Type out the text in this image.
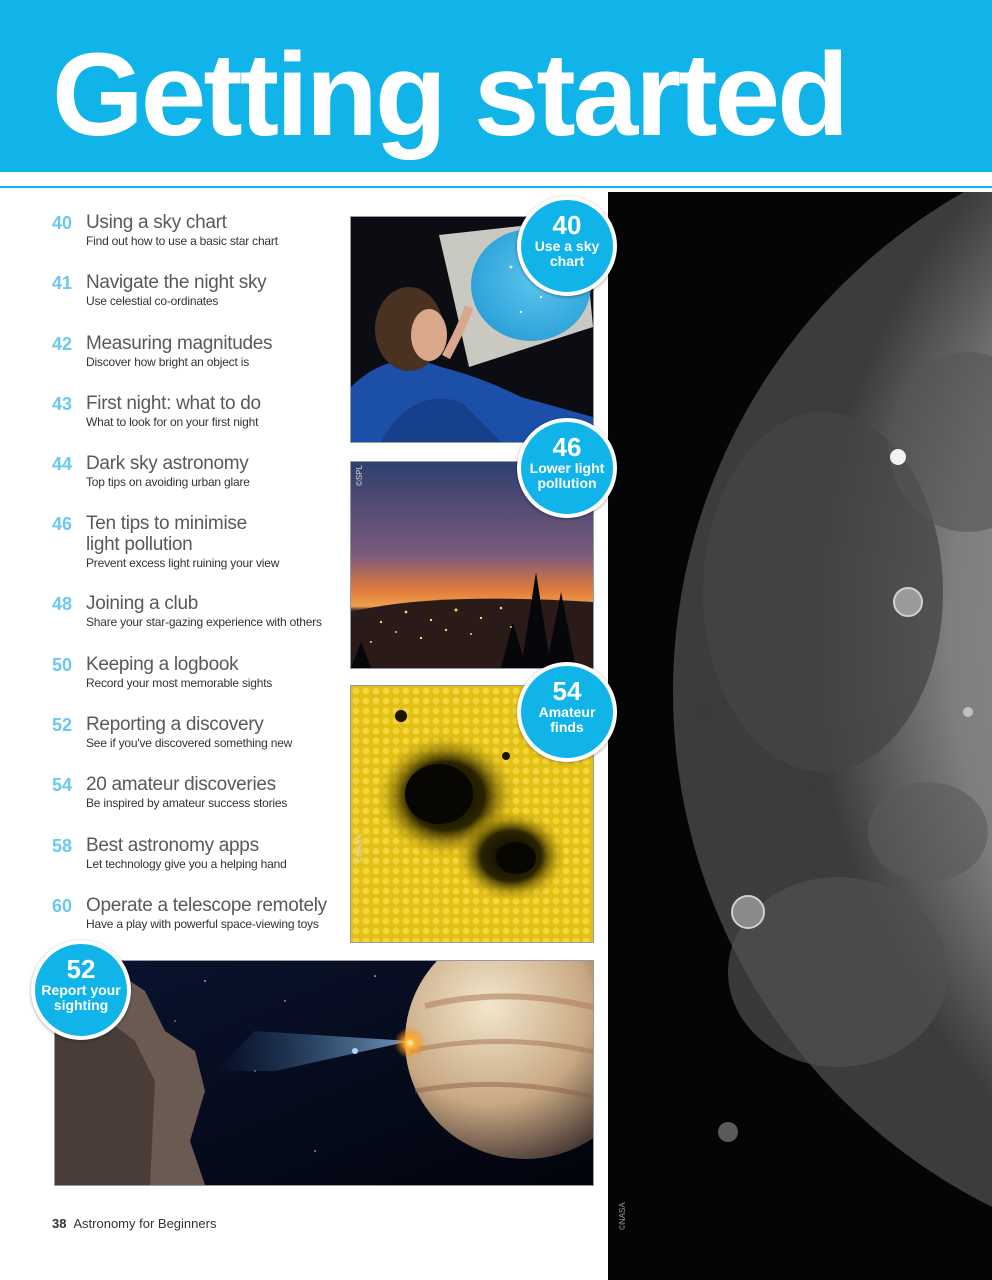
Getting started
40 Using a sky chart
Find out how to use a basic star chart
41 Navigate the night sky
Use celestial co-ordinates
42 Measuring magnitudes
Discover how bright an object is
43 First night: what to do
What to look for on your first night
44 Dark sky astronomy
Top tips on avoiding urban glare
46 Ten tips to minimise light pollution
Prevent excess light ruining your view
48 Joining a club
Share your star-gazing experience with others
50 Keeping a logbook
Record your most memorable sights
52 Reporting a discovery
See if you've discovered something new
54 20 amateur discoveries
Be inspired by amateur success stories
58 Best astronomy apps
Let technology give you a helping hand
60 Operate a telescope remotely
Have a play with powerful space-viewing toys
©SPL
©NASA
©NASA
40
Use a sky chart
46
Lower light pollution
54
Amateur finds
52
Report your sighting
38 Astronomy for Beginners
